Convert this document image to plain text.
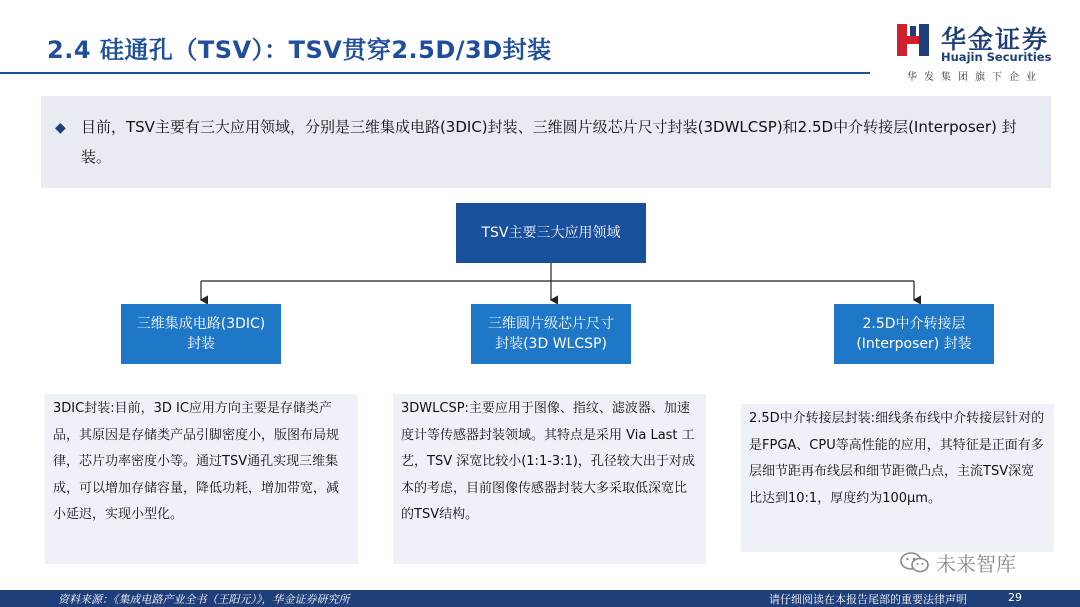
2.4 硅通孔（TSV）：TSV贯穿2.5D/3D封装	华金证券
Huajin Securities
华发集团旗下企业
◆ 目前，TSV主要有三大应用领域，分别是三维集成电路(3DIC)封装、三维圆片级芯片尺寸封装(3DWLCSP)和2.5D中介转接层(Interposer) 封装。
TSV主要三大应用领域
三维集成电路(3DIC)
封装
三维圆片级芯片尺寸
封装(3D WLCSP)
2.5D中介转接层
(Interposer) 封装
3DIC封装:目前，3D IC应用方向主要是存储类产品，其原因是存储类产品引脚密度小，版图布局规律，芯片功率密度小等。通过TSV通孔实现三维集成，可以增加存储容量，降低功耗，增加带宽，减小延迟，实现小型化。
3DWLCSP:主要应用于图像、指纹、滤波器、加速度计等传感器封装领域。其特点是采用 Via Last 工艺，TSV 深宽比较小(1:1-3:1)，孔径较大出于对成本的考虑，目前图像传感器封装大多采取低深宽比的TSV结构。
2.5D中介转接层封装:细线条布线中介转接层针对的是FPGA、CPU等高性能的应用，其特征是正面有多层细节距再布线层和细节距微凸点，主流TSV深宽比达到10:1，厚度约为100μm。
未来智库
资料来源：《集成电路产业全书（王阳元）》，华金证券研究所	请仔细阅读在本报告尾部的重要法律声明	29
